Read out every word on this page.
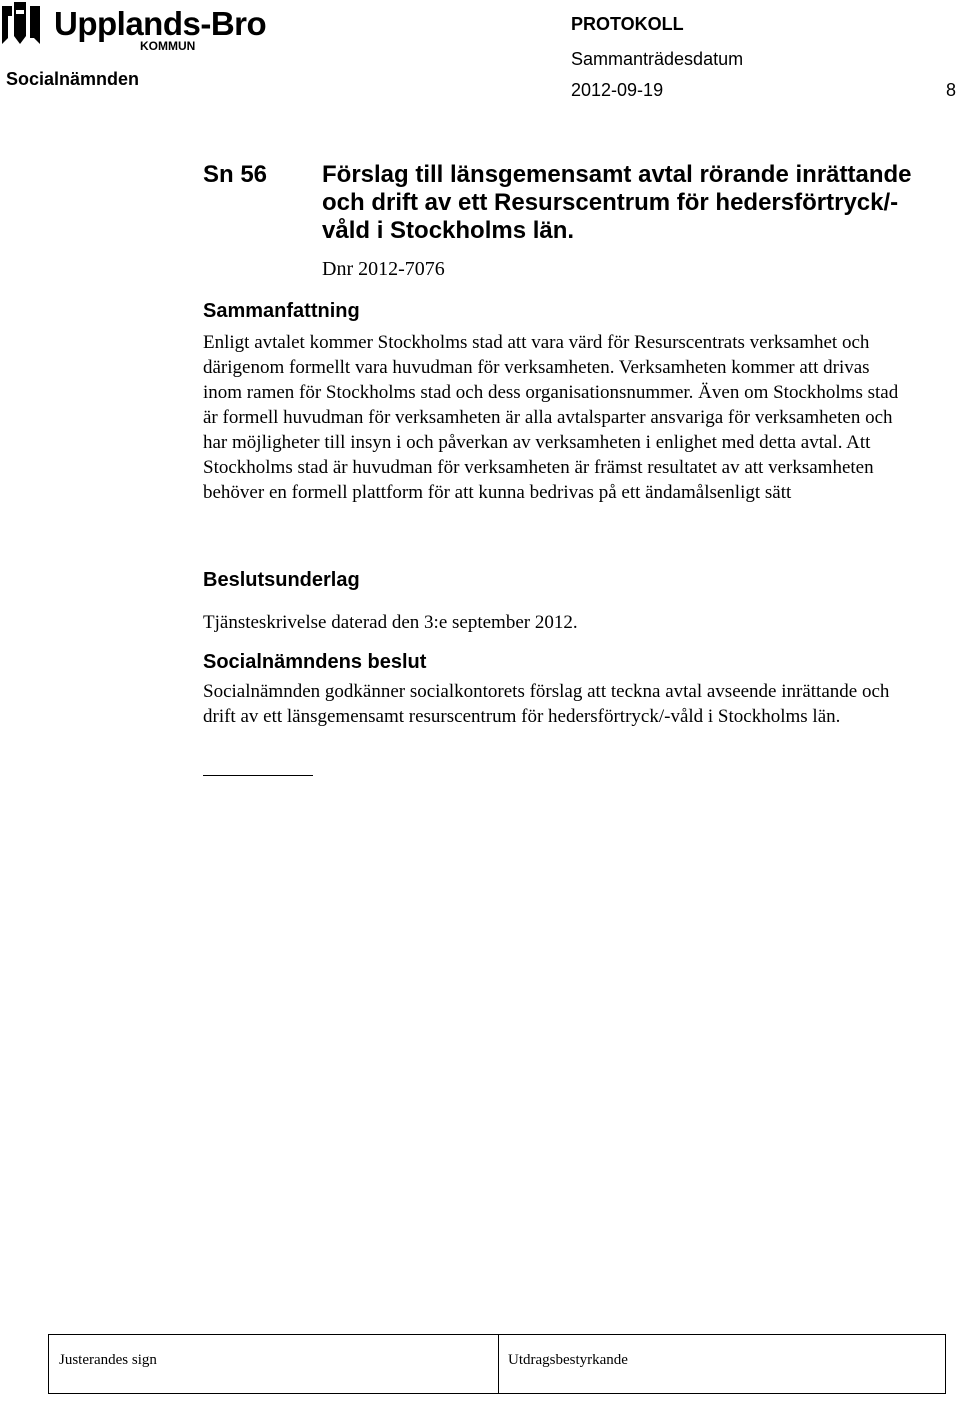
Upplands-Bro
KOMMUN
PROTOKOLL
Sammanträdesdatum
Socialnämnden
2012-09-19	8
Sn 56 Förslag till länsgemensamt avtal rörande inrättande och drift av ett Resurscentrum för hedersförtryck/-våld i Stockholms län.
Dnr 2012-7076
Sammanfattning

Enligt avtalet kommer Stockholms stad att vara värd för Resurscentrats verksamhet och därigenom formellt vara huvudman för verksamheten. Verksamheten kommer att drivas inom ramen för Stockholms stad och dess organisationsnummer. Även om Stockholms stad är formell huvudman för verksamheten är alla avtalsparter ansvariga för verksamheten och har möjligheter till insyn i och påverkan av verksamheten i enlighet med detta avtal. Att Stockholms stad är huvudman för verksamheten är främst resultatet av att verksamheten behöver en formell plattform för att kunna bedrivas på ett ändamålsenligt sätt

Beslutsunderlag

Tjänsteskrivelse daterad den 3:e september 2012.

Socialnämndens beslut

Socialnämnden godkänner socialkontorets förslag att teckna avtal avseende inrättande och drift av ett länsgemensamt resurscentrum för hedersförtryck/-våld i Stockholms län.

Justerandes sign	Utdragsbestyrkande
